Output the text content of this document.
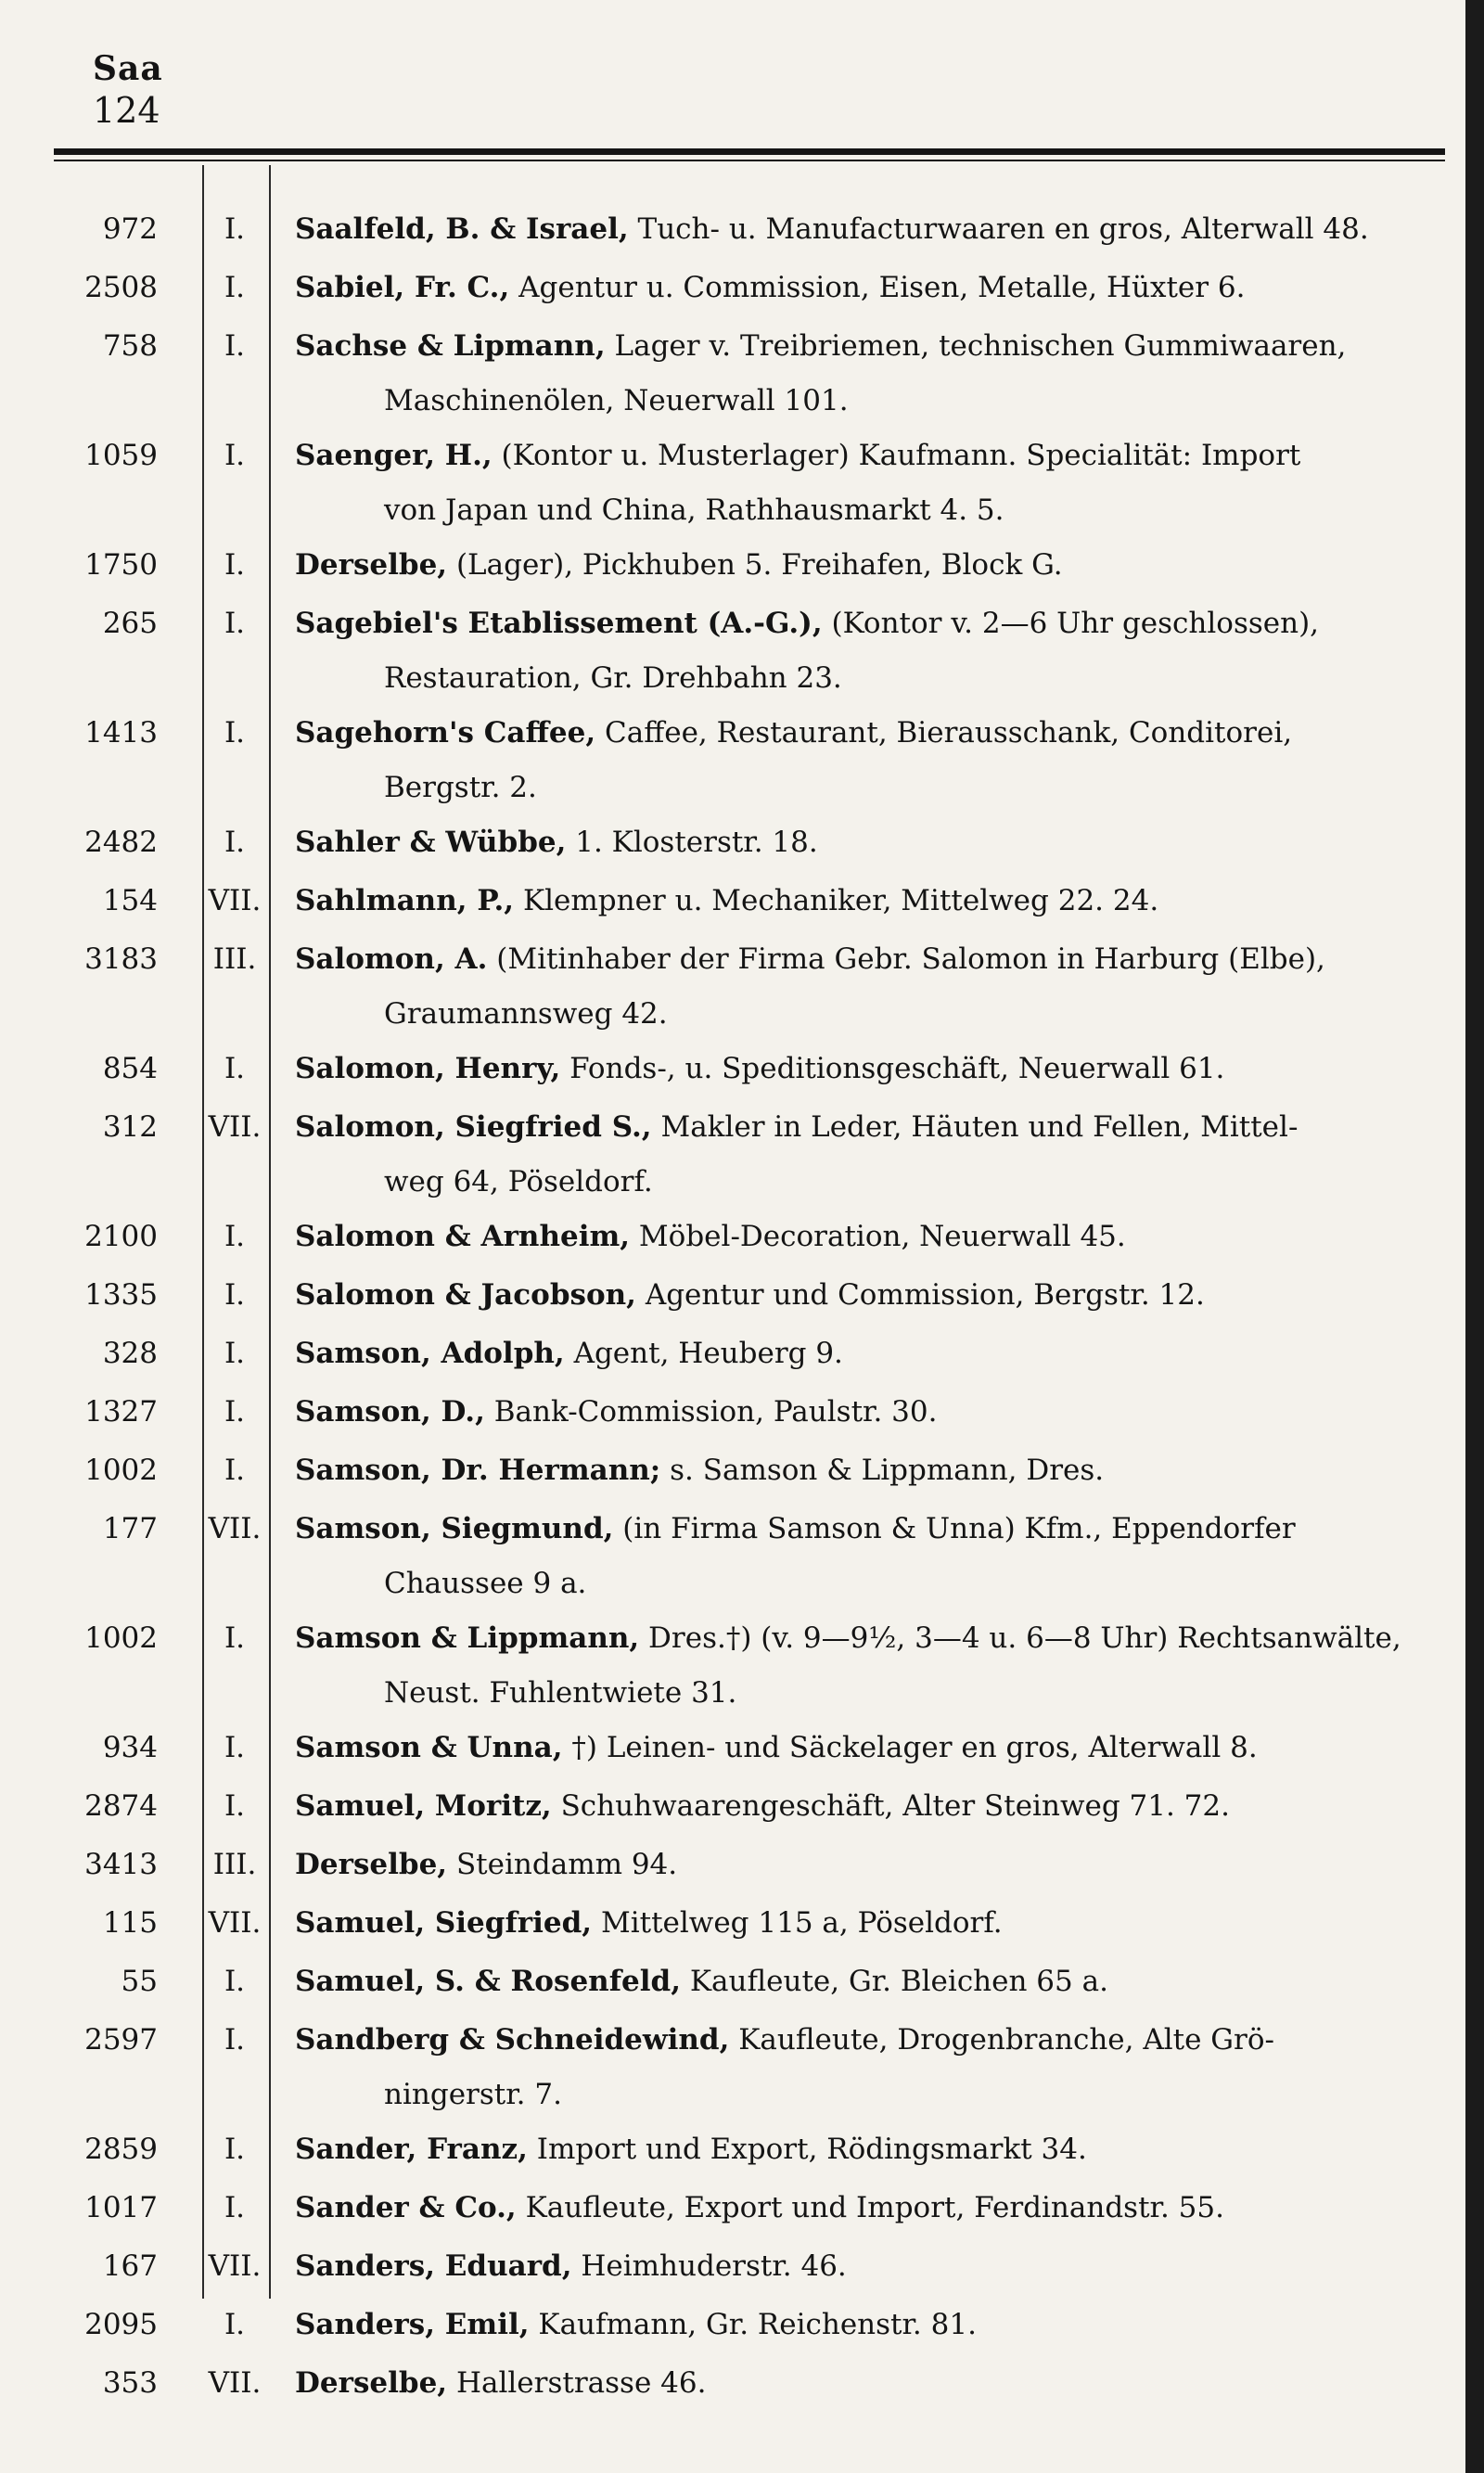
Saa
124
972	I.	Saalfeld, B. & Israel, Tuch- u. Manufacturwaaren en gros, Alterwall 48.
2508	I.	Sabiel, Fr. C., Agentur u. Commission, Eisen, Metalle, Hüxter 6.
758	I.	Sachse & Lipmann, Lager v. Treibriemen, technischen Gummiwaaren,
Maschinenölen, Neuerwall 101.
1059	I.	Saenger, H., (Kontor u. Musterlager) Kaufmann. Specialität: Import
von Japan und China, Rathhausmarkt 4. 5.
1750	I.	Derselbe, (Lager), Pickhuben 5. Freihafen, Block G.
265	I.	Sagebiel's Etablissement (A.-G.), (Kontor v. 2—6 Uhr geschlossen),
Restauration, Gr. Drehbahn 23.
1413	I.	Sagehorn's Caffee, Caffee, Restaurant, Bierausschank, Conditorei,
Bergstr. 2.
2482	I.	Sahler & Wübbe, 1. Klosterstr. 18.
154	VII.	Sahlmann, P., Klempner u. Mechaniker, Mittelweg 22. 24.
3183	III.	Salomon, A. (Mitinhaber der Firma Gebr. Salomon in Harburg (Elbe),
Graumannsweg 42.
854	I.	Salomon, Henry, Fonds-, u. Speditionsgeschäft, Neuerwall 61.
312	VII.	Salomon, Siegfried S., Makler in Leder, Häuten und Fellen, Mittel-
weg 64, Pöseldorf.
2100	I.	Salomon & Arnheim, Möbel-Decoration, Neuerwall 45.
1335	I.	Salomon & Jacobson, Agentur und Commission, Bergstr. 12.
328	I.	Samson, Adolph, Agent, Heuberg 9.
1327	I.	Samson, D., Bank-Commission, Paulstr. 30.
1002	I.	Samson, Dr. Hermann; s. Samson & Lippmann, Dres.
177	VII.	Samson, Siegmund, (in Firma Samson & Unna) Kfm., Eppendorfer
Chaussee 9 a.
1002	I.	Samson & Lippmann, Dres.†) (v. 9—9½, 3—4 u. 6—8 Uhr) Rechtsanwälte,
Neust. Fuhlentwiete 31.
934	I.	Samson & Unna, †) Leinen- und Säckelager en gros, Alterwall 8.
2874	I.	Samuel, Moritz, Schuhwaarengeschäft, Alter Steinweg 71. 72.
3413	III.	Derselbe, Steindamm 94.
115	VII.	Samuel, Siegfried, Mittelweg 115 a, Pöseldorf.
55	I.	Samuel, S. & Rosenfeld, Kaufleute, Gr. Bleichen 65 a.
2597	I.	Sandberg & Schneidewind, Kaufleute, Drogenbranche, Alte Grö-
ningerstr. 7.
2859	I.	Sander, Franz, Import und Export, Rödingsmarkt 34.
1017	I.	Sander & Co., Kaufleute, Export und Import, Ferdinandstr. 55.
167	VII.	Sanders, Eduard, Heimhuderstr. 46.
2095	I.	Sanders, Emil, Kaufmann, Gr. Reichenstr. 81.
353	VII.	Derselbe, Hallerstrasse 46.
